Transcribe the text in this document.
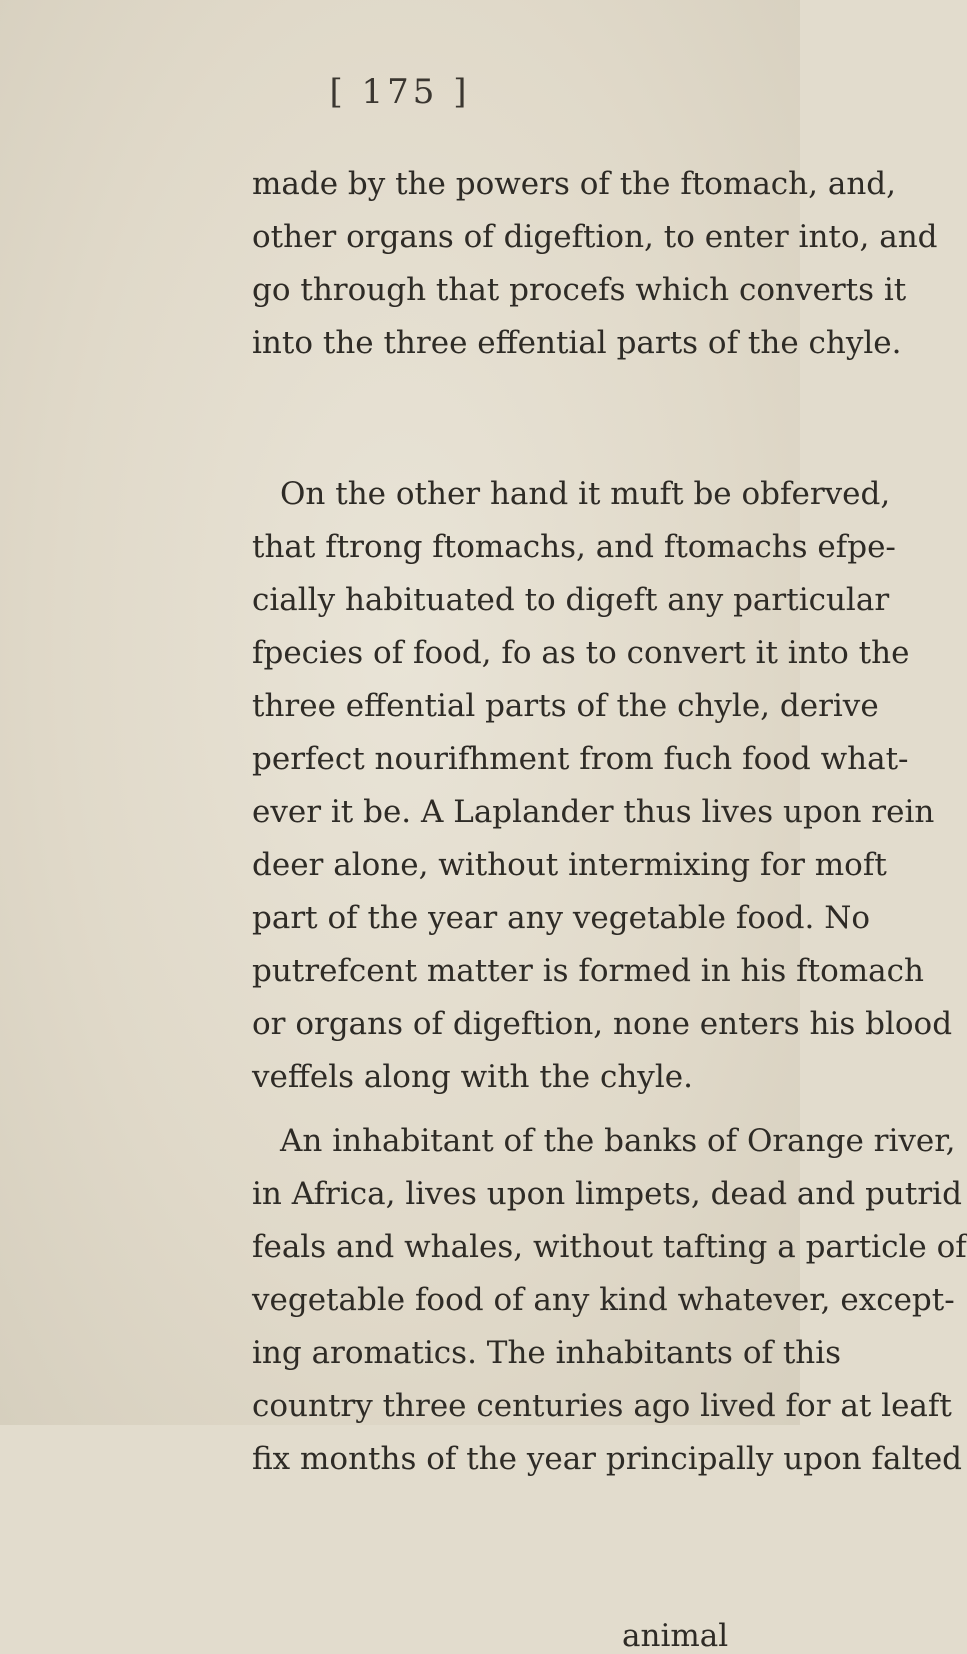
[ 175 ]
made by the powers of the ftomach, and,
other organs of digeftion, to enter into, and
go through that procefs which converts it
into the three effential parts of the chyle.
On the other hand it muft be obferved,
that ftrong ftomachs, and ftomachs efpe-
cially habituated to digeft any particular
fpecies of food, fo as to convert it into the
three effential parts of the chyle, derive
perfect nourifhment from fuch food what-
ever it be. A Laplander thus lives upon rein
deer alone, without intermixing for moft
part of the year any vegetable food. No
putrefcent matter is formed in his ftomach
or organs of digeftion, none enters his blood
veffels along with the chyle.
An inhabitant of the banks of Orange river,
in Africa, lives upon limpets, dead and putrid
feals and whales, without tafting a particle of
vegetable food of any kind whatever, except-
ing aromatics. The inhabitants of this
country three centuries ago lived for at leaft
fix months of the year principally upon falted
animal
